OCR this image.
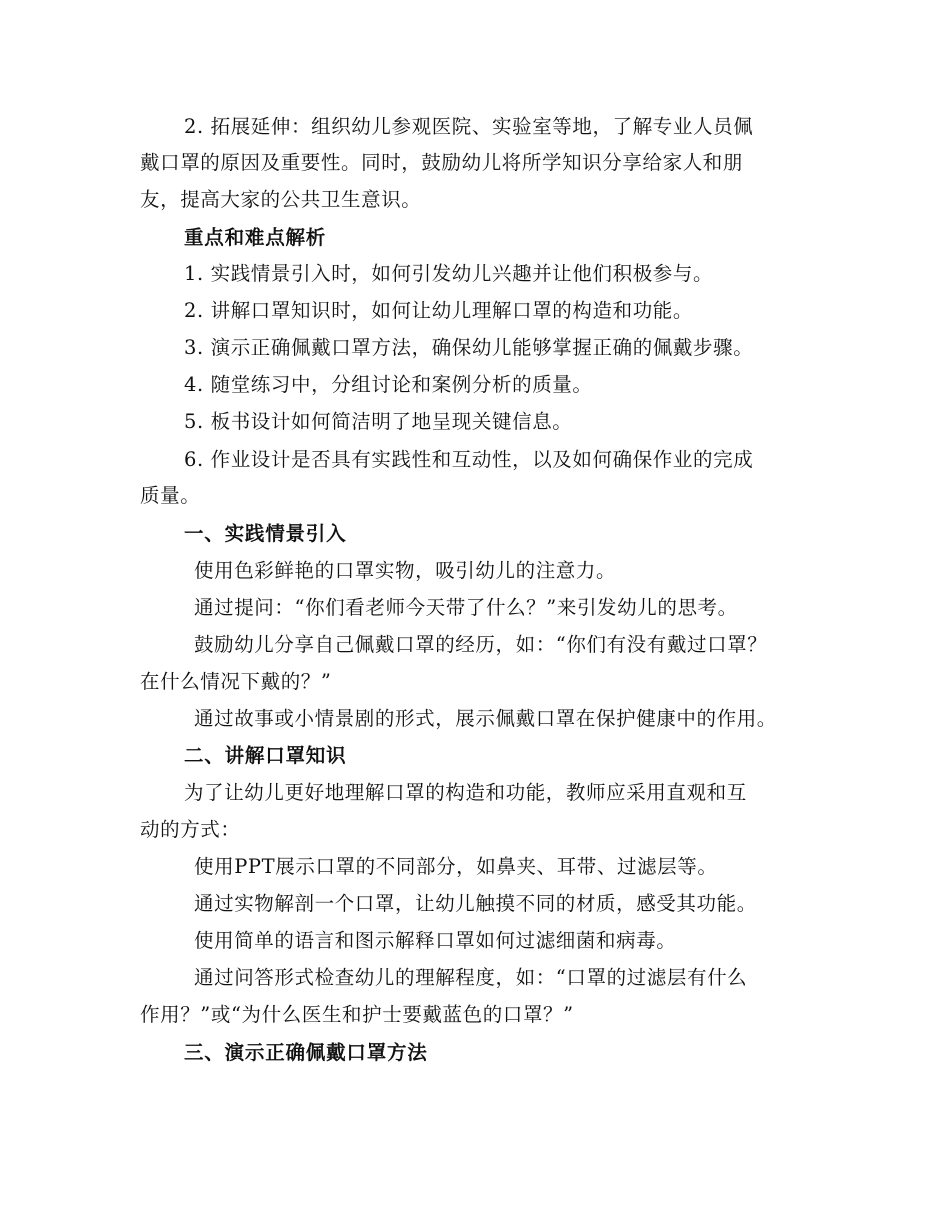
2. 拓展延伸：组织幼儿参观医院、实验室等地，了解专业人员佩
戴口罩的原因及重要性。同时，鼓励幼儿将所学知识分享给家人和朋
友，提高大家的公共卫生意识。
重点和难点解析
1. 实践情景引入时，如何引发幼儿兴趣并让他们积极参与。
2. 讲解口罩知识时，如何让幼儿理解口罩的构造和功能。
3. 演示正确佩戴口罩方法，确保幼儿能够掌握正确的佩戴步骤。
4. 随堂练习中，分组讨论和案例分析的质量。
5. 板书设计如何简洁明了地呈现关键信息。
6. 作业设计是否具有实践性和互动性，以及如何确保作业的完成
质量。
一、实践情景引入
使用色彩鲜艳的口罩实物，吸引幼儿的注意力。
通过提问：“你们看老师今天带了什么？”来引发幼儿的思考。
鼓励幼儿分享自己佩戴口罩的经历，如：“你们有没有戴过口罩？
在什么情况下戴的？”
通过故事或小情景剧的形式，展示佩戴口罩在保护健康中的作用。
二、讲解口罩知识
为了让幼儿更好地理解口罩的构造和功能，教师应采用直观和互
动的方式：
使用PPT展示口罩的不同部分，如鼻夹、耳带、过滤层等。
通过实物解剖一个口罩，让幼儿触摸不同的材质，感受其功能。
使用简单的语言和图示解释口罩如何过滤细菌和病毒。
通过问答形式检查幼儿的理解程度，如：“口罩的过滤层有什么
作用？”或“为什么医生和护士要戴蓝色的口罩？”
三、演示正确佩戴口罩方法
